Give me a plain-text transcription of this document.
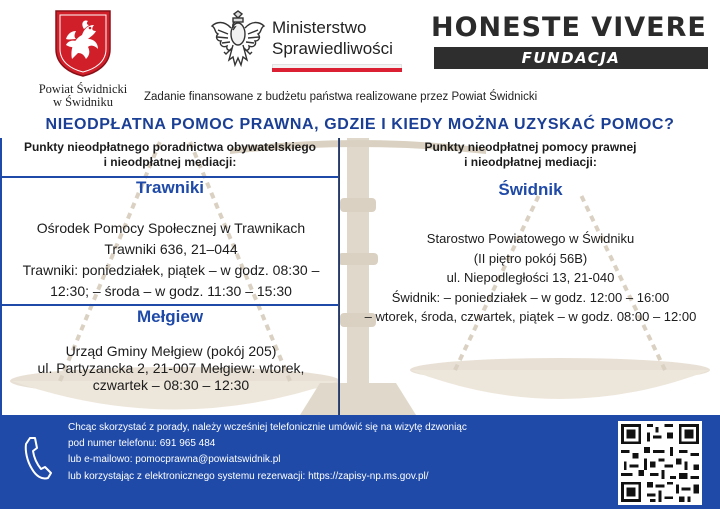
Powiat Świdnicki
w Świdniku
Ministerstwo
Sprawiedliwości
HONESTE VIVERE
FUNDACJA
Zadanie finansowane z budżetu państwa realizowane przez Powiat Świdnicki
NIEODPŁATNA POMOC PRAWNA, GDZIE I KIEDY MOŻNA UZYSKAĆ POMOC?
Punkty nieodpłatnego poradnictwa obywatelskiego
i nieodpłatnej mediacji:
Trawniki
Ośrodek Pomocy Społecznej w Trawnikach
Trawniki 636, 21–044
Trawniki: poniedziałek, piątek – w godz. 08:30 –
12:30; – środa – w godz. 11:30 – 15:30
Mełgiew
Urząd Gminy Mełgiew (pokój 205)
ul. Partyzancka 2, 21-007 Mełgiew: wtorek,
czwartek – 08:30 – 12:30
Punkty nieodpłatnej pomocy prawnej
i nieodpłatnej mediacji:
Świdnik
Starostwo Powiatowego w Świdniku
(II piętro pokój 56B)
ul. Niepodległości 13, 21-040
Świdnik: – poniedziałek – w godz. 12:00 – 16:00
– wtorek, środa, czwartek, piątek – w godz. 08:00 – 12:00
Chcąc skorzystać z porady, należy wcześniej telefonicznie umówić się na wizytę dzwoniąc
pod numer telefonu: 691 965 484
lub e-mailowo: pomocprawna@powiatswidnik.pl
lub korzystając z elektronicznego systemu rezerwacji: https://zapisy-np.ms.gov.pl/
